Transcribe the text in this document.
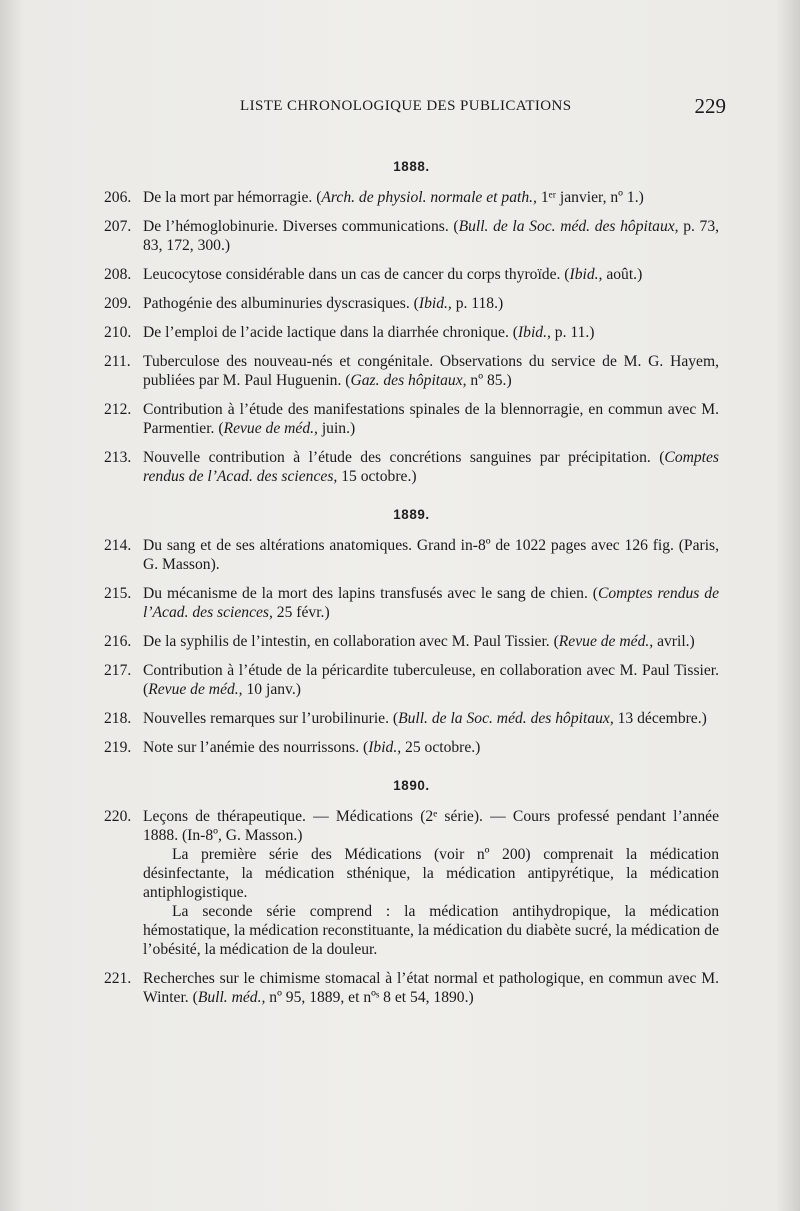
LISTE CHRONOLOGIQUE DES PUBLICATIONS	229
1888.
206. De la mort par hémorragie. (Arch. de physiol. normale et path., 1ᵉʳ janvier, nº 1.)
207. De l’hémoglobinurie. Diverses communications. (Bull. de la Soc. méd. des hôpitaux, p. 73, 83, 172, 300.)
208. Leucocytose considérable dans un cas de cancer du corps thyroïde. (Ibid., août.)
209. Pathogénie des albuminuries dyscrasiques. (Ibid., p. 118.)
210. De l’emploi de l’acide lactique dans la diarrhée chronique. (Ibid., p. 11.)
211. Tuberculose des nouveau-nés et congénitale. Observations du service de M. G. Hayem, publiées par M. Paul Huguenin. (Gaz. des hôpitaux, nº 85.)
212. Contribution à l’étude des manifestations spinales de la blennorragie, en commun avec M. Parmentier. (Revue de méd., juin.)
213. Nouvelle contribution à l’étude des concrétions sanguines par précipitation. (Comptes rendus de l’Acad. des sciences, 15 octobre.)
1889.
214. Du sang et de ses altérations anatomiques. Grand in-8º de 1022 pages avec 126 fig. (Paris, G. Masson).
215. Du mécanisme de la mort des lapins transfusés avec le sang de chien. (Comptes rendus de l’Acad. des sciences, 25 févr.)
216. De la syphilis de l’intestin, en collaboration avec M. Paul Tissier. (Revue de méd., avril.)
217. Contribution à l’étude de la péricardite tuberculeuse, en collaboration avec M. Paul Tissier. (Revue de méd., 10 janv.)
218. Nouvelles remarques sur l’urobilinurie. (Bull. de la Soc. méd. des hôpitaux, 13 décembre.)
219. Note sur l’anémie des nourrissons. (Ibid., 25 octobre.)
1890.
220. Leçons de thérapeutique. — Médications (2ᵉ série). — Cours professé pendant l’année 1888. (In-8º, G. Masson.)

La première série des Médications (voir nº 200) comprenait la médication désinfectante, la médication sthénique, la médication antipyrétique, la médication antiphlogistique.

La seconde série comprend : la médication antihydropique, la médication hémostatique, la médication reconstituante, la médication du diabète sucré, la médication de l’obésité, la médication de la douleur.

221. Recherches sur le chimisme stomacal à l’état normal et pathologique, en commun avec M. Winter. (Bull. méd., nº 95, 1889, et nºˢ 8 et 54, 1890.)
